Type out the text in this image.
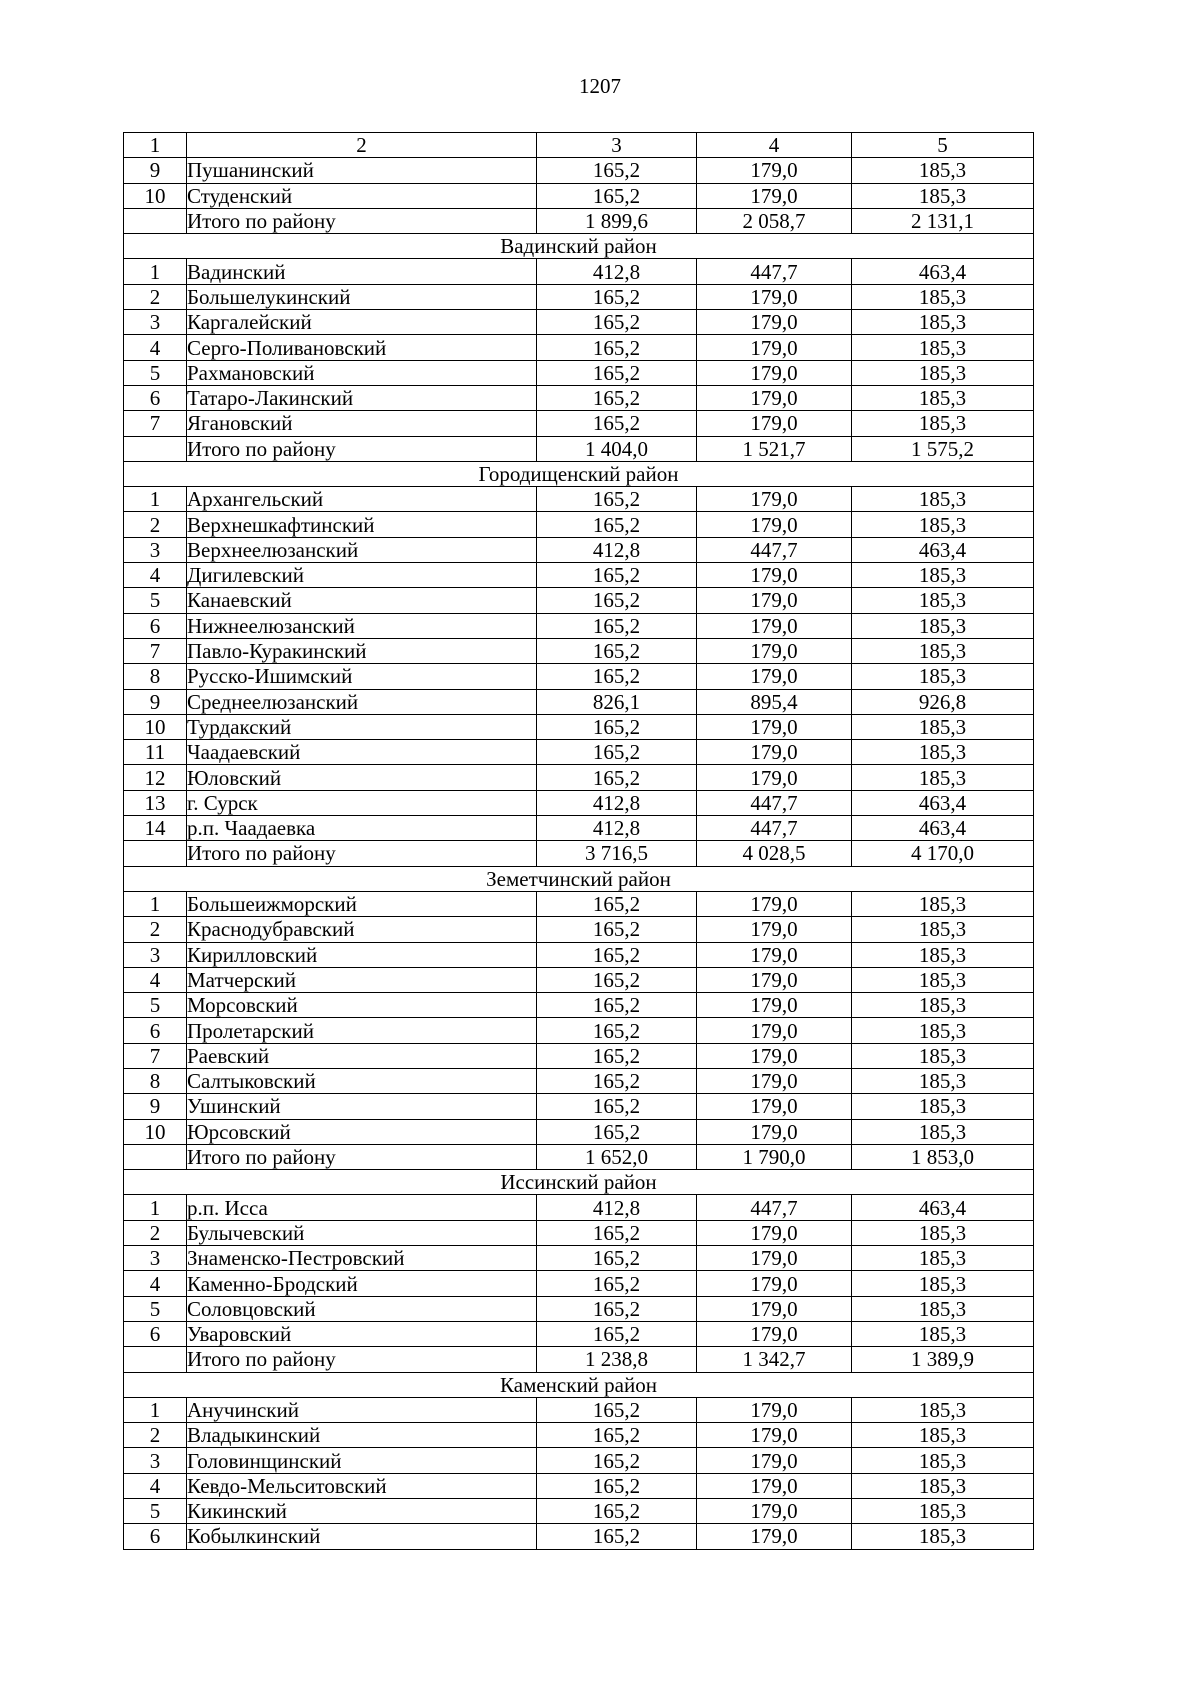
1207
1	2	3	4	5
9	Пушанинский	165,2	179,0	185,3
10	Студенский	165,2	179,0	185,3
	Итого по району	1 899,6	2 058,7	2 131,1
Вадинский район				
1	Вадинский	412,8	447,7	463,4
2	Большелукинский	165,2	179,0	185,3
3	Каргалейский	165,2	179,0	185,3
4	Серго-Поливановский	165,2	179,0	185,3
5	Рахмановский	165,2	179,0	185,3
6	Татаро-Лакинский	165,2	179,0	185,3
7	Ягановский	165,2	179,0	185,3
	Итого по району	1 404,0	1 521,7	1 575,2
Городищенский район				
1	Архангельский	165,2	179,0	185,3
2	Верхнешкафтинский	165,2	179,0	185,3
3	Верхнеелюзанский	412,8	447,7	463,4
4	Дигилевский	165,2	179,0	185,3
5	Канаевский	165,2	179,0	185,3
6	Нижнеелюзанский	165,2	179,0	185,3
7	Павло-Куракинский	165,2	179,0	185,3
8	Русско-Ишимский	165,2	179,0	185,3
9	Среднеелюзанский	826,1	895,4	926,8
10	Турдакский	165,2	179,0	185,3
11	Чаадаевский	165,2	179,0	185,3
12	Юловский	165,2	179,0	185,3
13	г. Сурск	412,8	447,7	463,4
14	р.п. Чаадаевка	412,8	447,7	463,4
	Итого по району	3 716,5	4 028,5	4 170,0
Земетчинский район				
1	Большеижморский	165,2	179,0	185,3
2	Краснодубравский	165,2	179,0	185,3
3	Кирилловский	165,2	179,0	185,3
4	Матчерский	165,2	179,0	185,3
5	Морсовский	165,2	179,0	185,3
6	Пролетарский	165,2	179,0	185,3
7	Раевский	165,2	179,0	185,3
8	Салтыковский	165,2	179,0	185,3
9	Ушинский	165,2	179,0	185,3
10	Юрсовский	165,2	179,0	185,3
	Итого по району	1 652,0	1 790,0	1 853,0
Иссинский район				
1	р.п. Исса	412,8	447,7	463,4
2	Булычевский	165,2	179,0	185,3
3	Знаменско-Пестровский	165,2	179,0	185,3
4	Каменно-Бродский	165,2	179,0	185,3
5	Соловцовский	165,2	179,0	185,3
6	Уваровский	165,2	179,0	185,3
	Итого по району	1 238,8	1 342,7	1 389,9
Каменский район				
1	Анучинский	165,2	179,0	185,3
2	Владыкинский	165,2	179,0	185,3
3	Головинщинский	165,2	179,0	185,3
4	Кевдо-Мельситовский	165,2	179,0	185,3
5	Кикинский	165,2	179,0	185,3
6	Кобылкинский	165,2	179,0	185,3
